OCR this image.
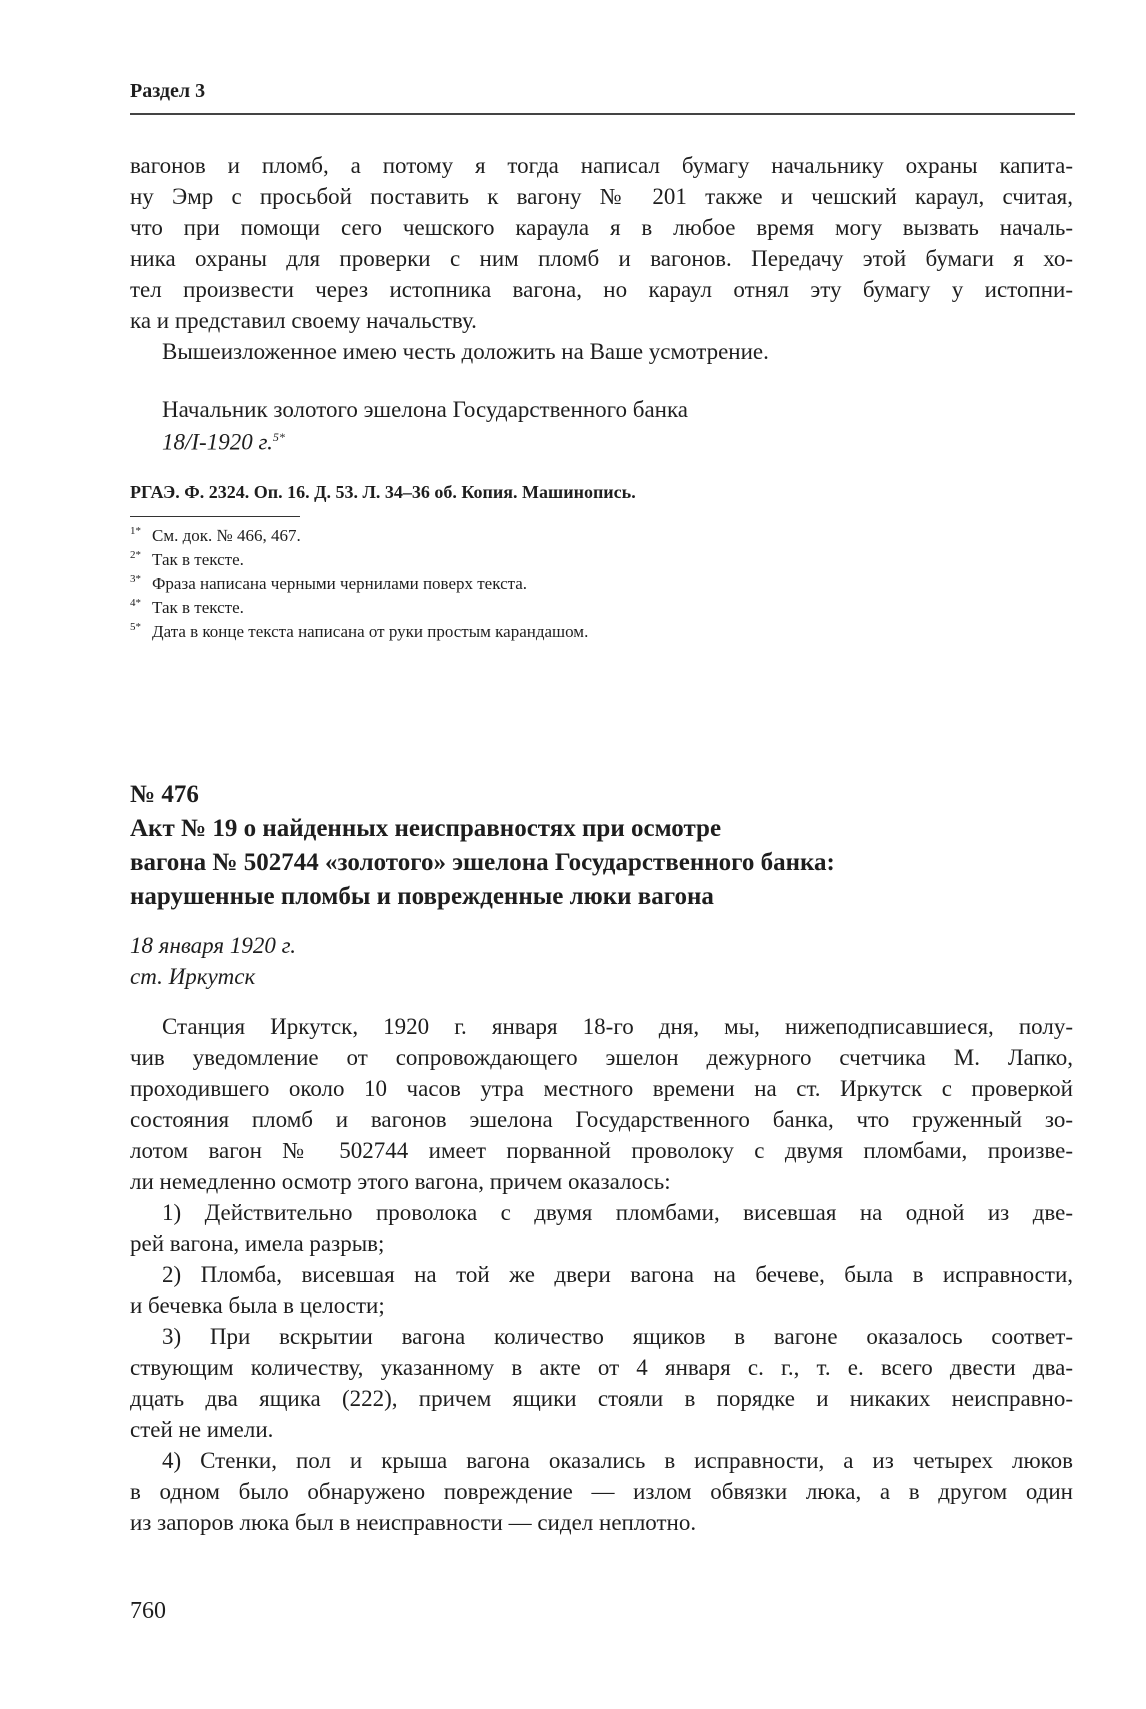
Раздел 3
вагонов и пломб, а потому я тогда написал бумагу начальнику охраны капита-
ну Эмр с просьбой поставить к вагону № 201 также и чешский караул, считая,
что при помощи сего чешского караула я в любое время могу вызвать началь-
ника охраны для проверки с ним пломб и вагонов. Передачу этой бумаги я хо-
тел произвести через истопника вагона, но караул отнял эту бумагу у истопни-
ка и представил своему начальству.
Вышеизложенное имею честь доложить на Ваше усмотрение.
Начальник золотого эшелона Государственного банка
18/I-1920 г.$^{5*}$
РГАЭ. Ф. 2324. Оп. 16. Д. 53. Л. 34–36 об. Копия. Машинопись.
$^{1*}$ См. док. № 466, 467.
$^{2*}$ Так в тексте.
$^{3*}$ Фраза написана черными чернилами поверх текста.
$^{4*}$ Так в тексте.
$^{5*}$ Дата в конце текста написана от руки простым карандашом.
№ 476
Акт № 19 о найденных неисправностях при осмотре
вагона № 502744 «золотого» эшелона Государственного банка:
нарушенные пломбы и поврежденные люки вагона
18 января 1920 г.
ст. Иркутск
Станция Иркутск, 1920 г. января 18-го дня, мы, нижеподписавшиеся, полу-
чив уведомление от сопровождающего эшелон дежурного счетчика М. Лапко,
проходившего около 10 часов утра местного времени на ст. Иркутск с проверкой
состояния пломб и вагонов эшелона Государственного банка, что груженный зо-
лотом вагон № 502744 имеет порванной проволоку с двумя пломбами, произве-
ли немедленно осмотр этого вагона, причем оказалось:
1) Действительно проволока с двумя пломбами, висевшая на одной из две-
рей вагона, имела разрыв;
2) Пломба, висевшая на той же двери вагона на бечеве, была в исправности,
и бечевка была в целости;
3) При вскрытии вагона количество ящиков в вагоне оказалось соответ-
ствующим количеству, указанному в акте от 4 января с. г., т. е. всего двести два-
дцать два ящика (222), причем ящики стояли в порядке и никаких неисправно-
стей не имели.
4) Стенки, пол и крыша вагона оказались в исправности, а из четырех люков
в одном было обнаружено повреждение — излом обвязки люка, а в другом один
из запоров люка был в неисправности — сидел неплотно.
760
